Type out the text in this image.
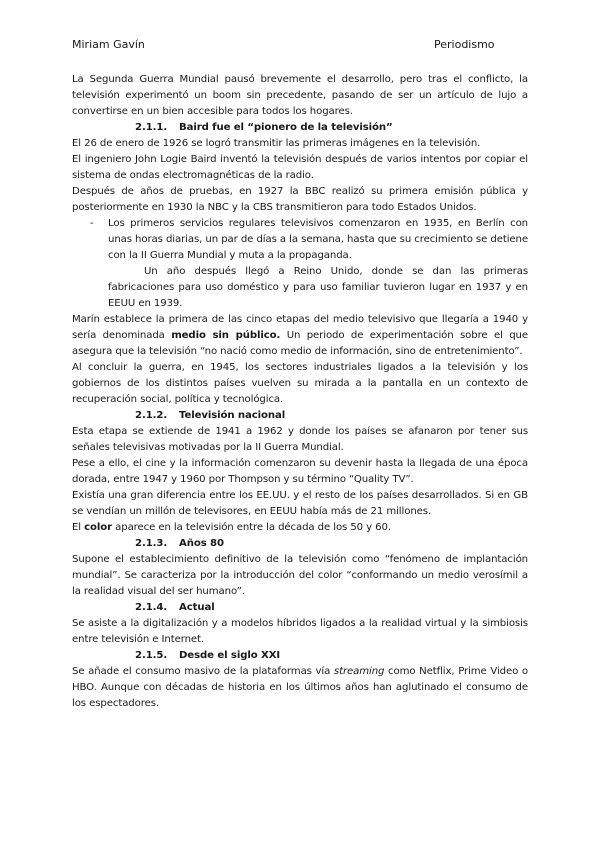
Miriam Gavín	Periodismo

La Segunda Guerra Mundial pausó brevemente el desarrollo, pero tras el conflicto, la televisión experimentó un boom sin precedente, pasando de ser un artículo de lujo a convertirse en un bien accesible para todos los hogares.

2.1.1. Baird fue el “pionero de la televisión”

El 26 de enero de 1926 se logró transmitir las primeras imágenes en la televisión.

El ingeniero John Logie Baird inventó la televisión después de varios intentos por copiar el sistema de ondas electromagnéticas de la radio.

Después de años de pruebas, en 1927 la BBC realizó su primera emisión pública y posteriormente en 1930 la NBC y la CBS transmitieron para todo Estados Unidos.

- Los primeros servicios regulares televisivos comenzaron en 1935, en Berlín con unas horas diarias, un par de días a la semana, hasta que su crecimiento se detiene con la II Guerra Mundial y muta a la propaganda.

Un año después llegó a Reino Unido, donde se dan las primeras fabricaciones para uso doméstico y para uso familiar tuvieron lugar en 1937 y en EEUU en 1939.

Marín establece la primera de las cinco etapas del medio televisivo que llegaría a 1940 y sería denominada medio sin público. Un periodo de experimentación sobre el que asegura que la televisión “no nació como medio de información, sino de entretenimiento”.

Al concluir la guerra, en 1945, los sectores industriales ligados a la televisión y los gobiernos de los distintos países vuelven su mirada a la pantalla en un contexto de recuperación social, política y tecnológica.

2.1.2. Televisión nacional

Esta etapa se extiende de 1941 a 1962 y donde los países se afanaron por tener sus señales televisivas motivadas por la II Guerra Mundial.

Pese a ello, el cine y la información comenzaron su devenir hasta la llegada de una época dorada, entre 1947 y 1960 por Thompson y su término “Quality TV”.

Existía una gran diferencia entre los EE.UU. y el resto de los países desarrollados. Si en GB se vendían un millón de televisores, en EEUU había más de 21 millones.

El color aparece en la televisión entre la década de los 50 y 60.

2.1.3. Años 80

Supone el establecimiento definitivo de la televisión como “fenómeno de implantación mundial”. Se caracteriza por la introducción del color “conformando un medio verosímil a la realidad visual del ser humano”.

2.1.4. Actual

Se asiste a la digitalización y a modelos híbridos ligados a la realidad virtual y la simbiosis entre televisión e Internet.

2.1.5. Desde el siglo XXI

Se añade el consumo masivo de la plataformas vía streaming como Netflix, Prime Video o HBO. Aunque con décadas de historia en los últimos años han aglutinado el consumo de los espectadores.
